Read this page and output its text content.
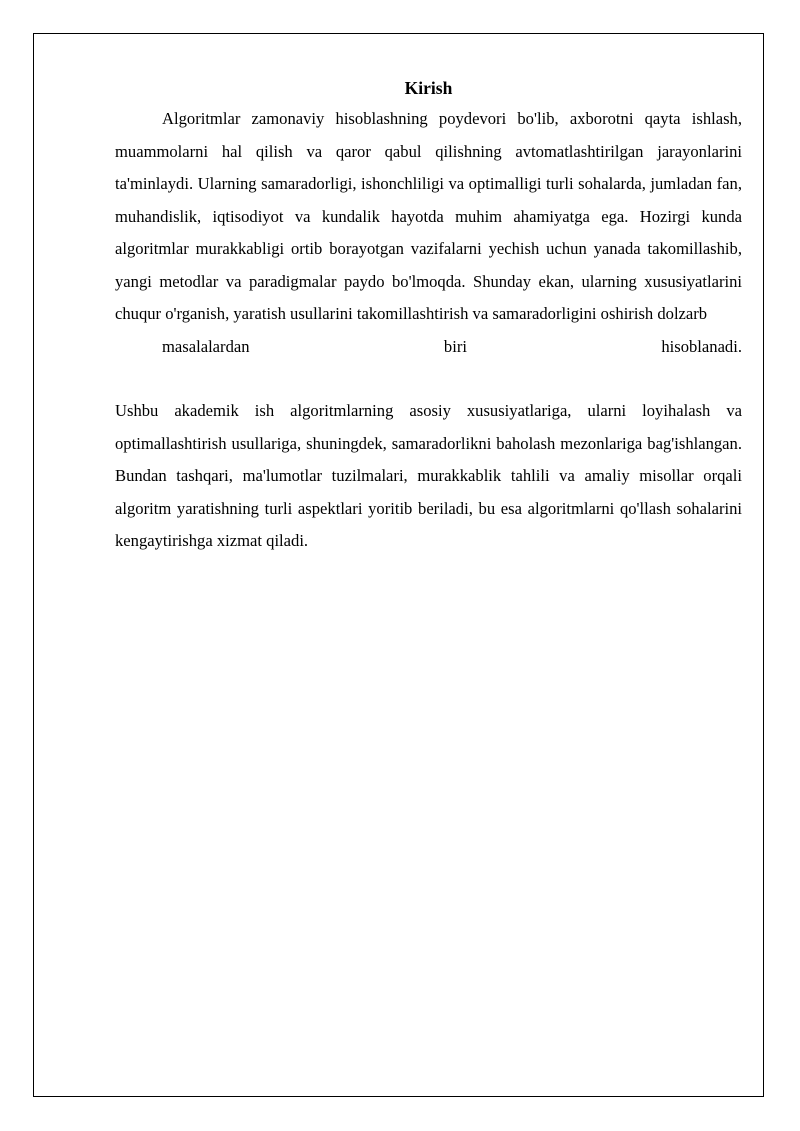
Kirish

Algoritmlar zamonaviy hisoblashning poydevori bo'lib, axborotni qayta ishlash, muammolarni hal qilish va qaror qabul qilishning avtomatlashtirilgan jarayonlarini ta'minlaydi. Ularning samaradorligi, ishonchliligi va optimalligi turli sohalarda, jumladan fan, muhandislik, iqtisodiyot va kundalik hayotda muhim ahamiyatga ega. Hozirgi kunda algoritmlar murakkabligi ortib borayotgan vazifalarni yechish uchun yanada takomillashib, yangi metodlar va paradigmalar paydo bo'lmoqda. Shunday ekan, ularning xususiyatlarini chuqur o'rganish, yaratish usullarini takomillashtirish va samaradorligini oshirish dolzarb
masalalardan biri hisoblanadi.

Ushbu akademik ish algoritmlarning asosiy xususiyatlariga, ularni loyihalash va optimallashtirish usullariga, shuningdek, samaradorlikni baholash mezonlariga bag'ishlangan. Bundan tashqari, ma'lumotlar tuzilmalari, murakkablik tahlili va amaliy misollar orqali algoritm yaratishning turli aspektlari yoritib beriladi, bu esa algoritmlarni qo'llash sohalarini kengaytirishga xizmat qiladi.
